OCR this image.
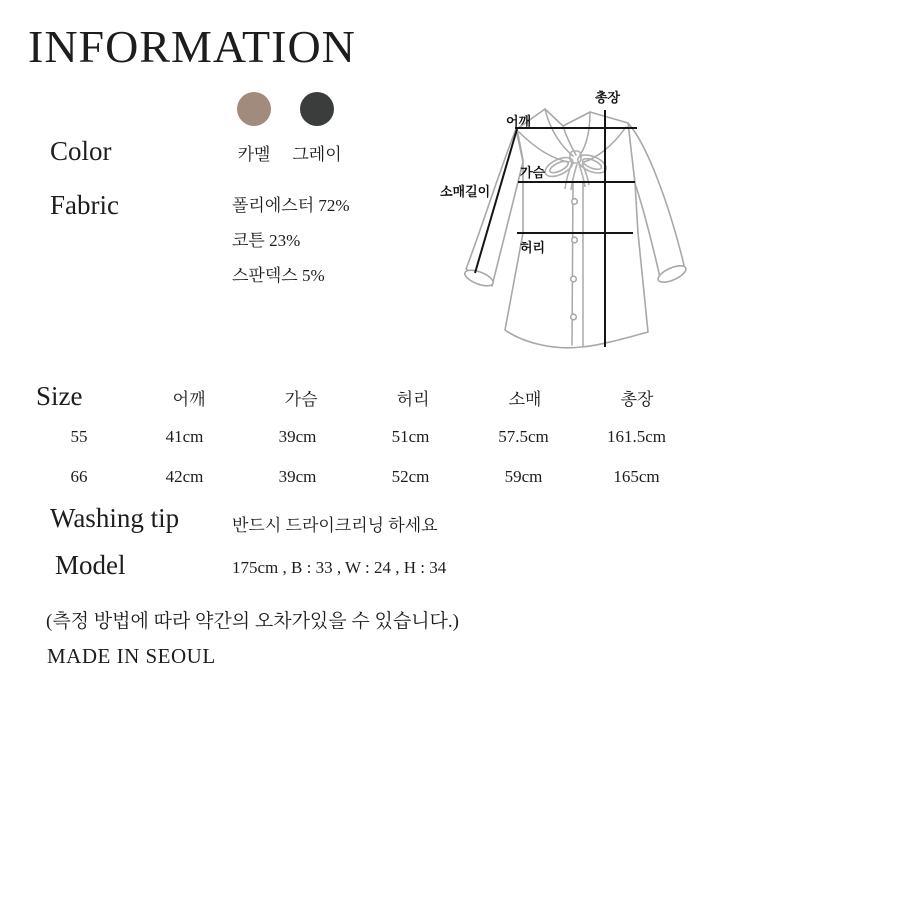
INFORMATION
Color	카멜 그레이
Fabric	폴리에스터 72%
코튼 23%
스판덱스 5%
총장
어깨
가슴
소매길이
허리
Size	어깨	가슴	허리	소매	총장
55	41cm	39cm	51cm	57.5cm	161.5cm
66	42cm	39cm	52cm	59cm	165cm
Washing tip	반드시 드라이크리닝 하세요
Model	175cm , B : 33 , W : 24 , H : 34
(측정 방법에 따라 약간의 오차가있을 수 있습니다.)
MADE IN SEOUL
